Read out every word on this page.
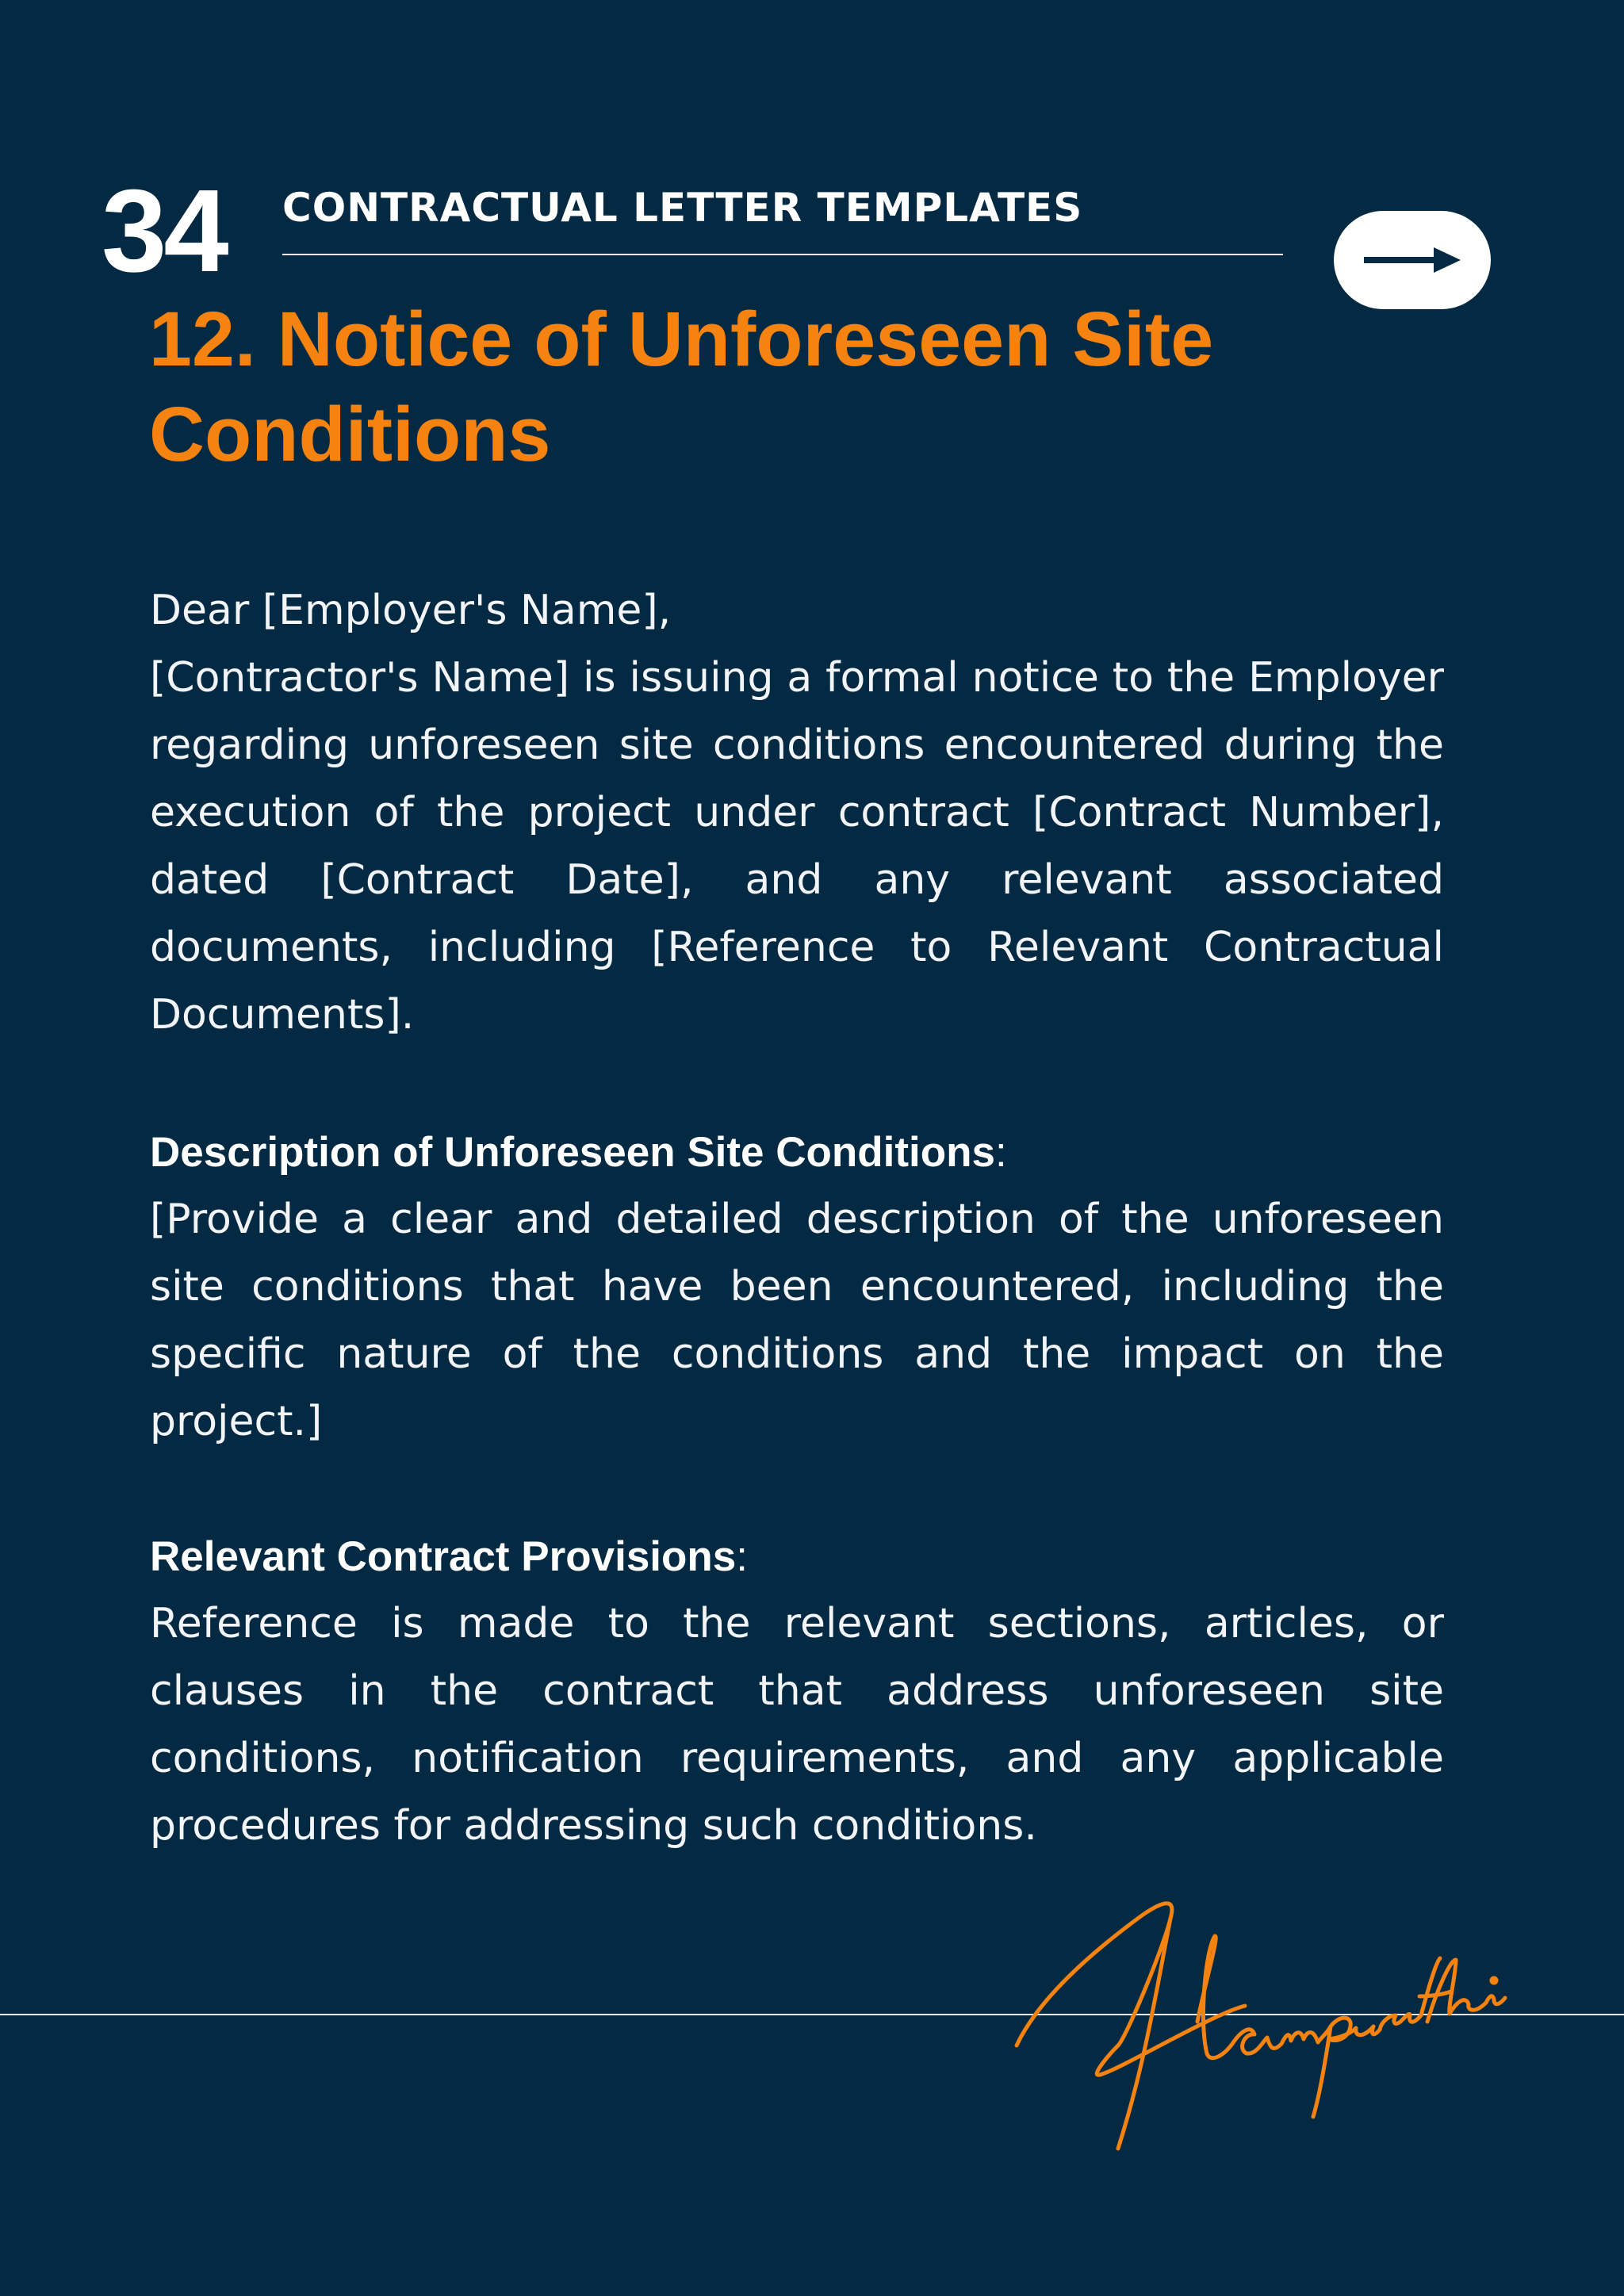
34 CONTRACTUAL LETTER TEMPLATES
12. Notice of Unforeseen Site Conditions

Dear [Employer's Name],

[Contractor's Name] is issuing a formal notice to the Employer regarding unforeseen site conditions encountered during the execution of the project under contract [Contract Number], dated [Contract Date], and any relevant associated documents, including [Reference to Relevant Contractual Documents].

Description of Unforeseen Site Conditions:

[Provide a clear and detailed description of the unforeseen site conditions that have been encountered, including the specific nature of the conditions and the impact on the project.]

Relevant Contract Provisions:

Reference is made to the relevant sections, articles, or clauses in the contract that address unforeseen site conditions, notification requirements, and any applicable procedures for addressing such conditions.
